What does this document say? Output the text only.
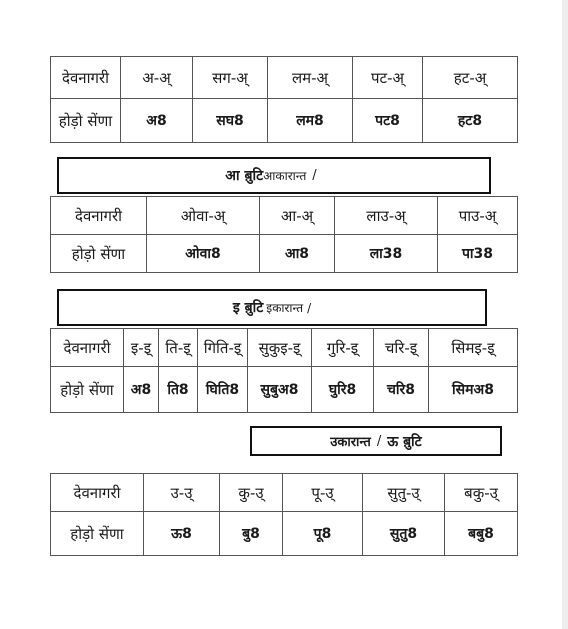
देवनागरी	अ-अ्	सग-अ्	लम-अ्	पट-अ्	हट-अ्
होड़ो सेंणा	अ8	सघ8	लम8	पट8	हट8
आ ब़ुटि आकारान्त /
देवनागरी	ओवा-अ्	आ-अ्	लाउ-अ्	पाउ-अ्
होड़ो सेंणा	ओवा8	आ8	ला38	पा38
इ ब़ुटि इकारान्त /
देवनागरी	इ-इ्	ति-इ्	गिति-इ्	सुकुइ-इ्	गुरि-इ्	चरि-इ्	सिमइ-इ्
होड़ो सेंणा	अ8	ति8	घिति8	सुबुअ8	घुरि8	चरि8	सिमअ8
उकारान्त / ऊ ब़ुटि
देवनागरी	उ-उ्	कु-उ्	पू-उ्	सुतु-उ्	बकु-उ्
होड़ो सेंणा	ऊ8	बु8	पू8	सुतु8	बबु8
